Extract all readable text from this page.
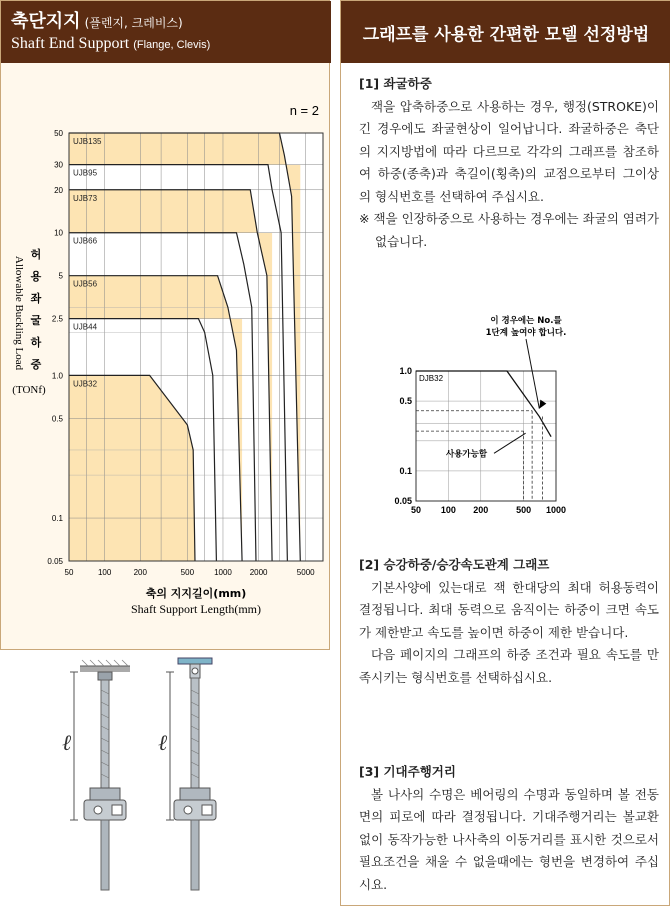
축단지지 (플렌지, 크레비스)
Shaft End Support (Flange, Clevis)
UJB135
UJB95
UJB73
UJB66
UJB56
UJB44
UJB32
50	100	200	500	1000 2000	5000
0.05
0.1
0.5
1.0
2.5
5
10
20
30
50
n = 2
축의 지지길이(mm)
Shaft Support Length(mm)
허
용
좌
굴
하
중
Allowable Buckling Load
(TONf)
ℓ	ℓ
그래프를 사용한 간편한 모델 선정방법
[1] 좌굴하중

잭을 압축하중으로 사용하는 경우, 행정(STROKE)이 긴 경우에도 좌굴현상이 일어납니다. 좌굴하중은 축단의 지지방법에 따라 다르므로 각각의 그래프를 참조하여 하중(종축)과 축길이(횡축)의 교점으로부터 그이상의 형식번호를 선택하여 주십시요.

※ 잭을 인장하중으로 사용하는 경우에는 좌굴의 염려가 없습니다.

50 100 200	500 1000
0.05
0.1
0.5
1.0
DJB32
이 경우에는 No.를
1단계 높여야 합니다.
사용가능함
[2] 승강하중/승강속도관계 그래프

기본사양에 있는대로 잭 한대당의 최대 허용동력이 결정됩니다. 최대 동력으로 움직이는 하중이 크면 속도가 제한받고 속도를 높이면 하중이 제한 받습니다.

다음 페이지의 그래프의 하중 조건과 필요 속도를 만족시키는 형식번호를 선택하십시요.

[3] 기대주행거리

볼 나사의 수명은 베어링의 수명과 동일하며 볼 전동면의 피로에 따라 결정됩니다. 기대주행거리는 볼교환없이 동작가능한 나사축의 이동거리를 표시한 것으로서 필요조건을 채울 수 없을때에는 형번을 변경하여 주십시요.
